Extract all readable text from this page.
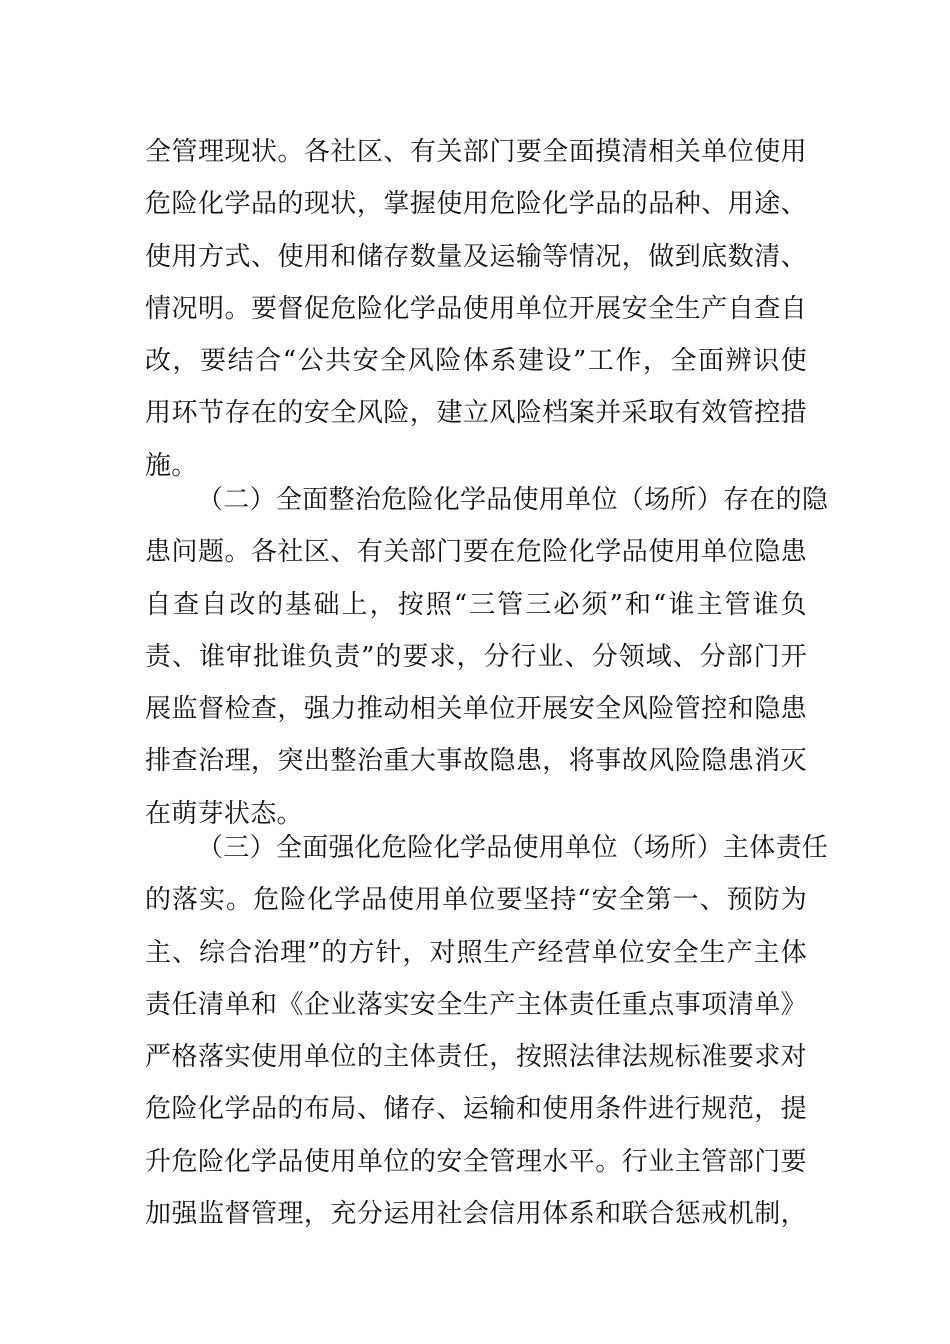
全管理现状。各社区、有关部门要全面摸清相关单位使用
危险化学品的现状，掌握使用危险化学品的品种、用途、
使用方式、使用和储存数量及运输等情况，做到底数清、
情况明。要督促危险化学品使用单位开展安全生产自查自
改，要结合“公共安全风险体系建设”工作，全面辨识使
用环节存在的安全风险，建立风险档案并采取有效管控措
施。
（二）全面整治危险化学品使用单位（场所）存在的隐
患问题。各社区、有关部门要在危险化学品使用单位隐患
自查自改的基础上，按照“三管三必须”和“谁主管谁负
责、谁审批谁负责”的要求，分行业、分领域、分部门开
展监督检查，强力推动相关单位开展安全风险管控和隐患
排查治理，突出整治重大事故隐患，将事故风险隐患消灭
在萌芽状态。
（三）全面强化危险化学品使用单位（场所）主体责任
的落实。危险化学品使用单位要坚持“安全第一、预防为
主、综合治理”的方针，对照生产经营单位安全生产主体
责任清单和《企业落实安全生产主体责任重点事项清单》
严格落实使用单位的主体责任，按照法律法规标准要求对
危险化学品的布局、储存、运输和使用条件进行规范，提
升危险化学品使用单位的安全管理水平。行业主管部门要
加强监督管理，充分运用社会信用体系和联合惩戒机制，
